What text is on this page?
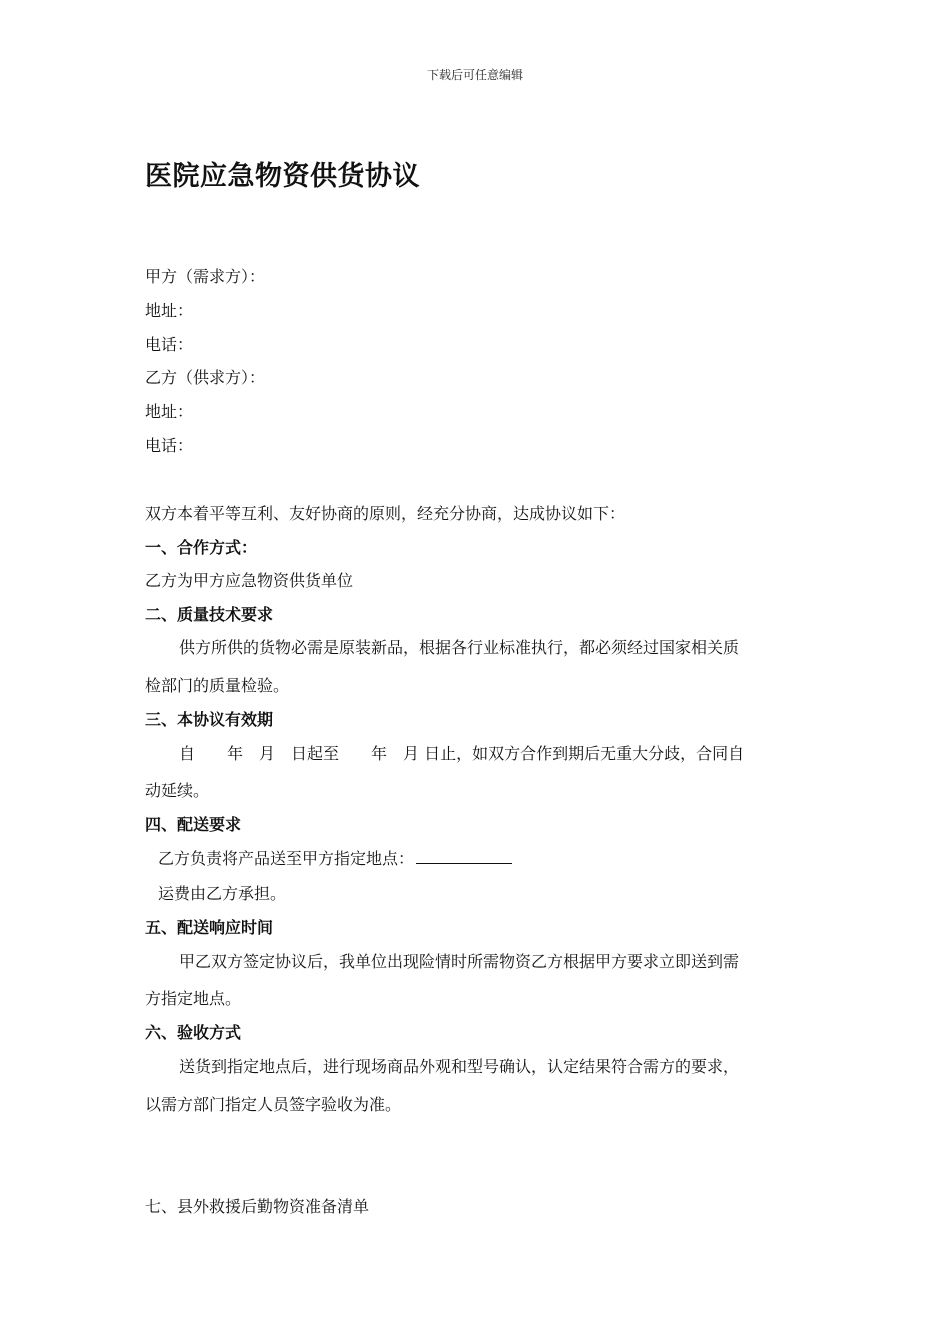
下载后可任意编辑
医院应急物资供货协议
甲方（需求方）：
地址：
电话：
乙方（供求方）：
地址：
电话：
双方本着平等互利、友好协商的原则，经充分协商，达成协议如下：
一、合作方式：
乙方为甲方应急物资供货单位
二、质量技术要求
供方所供的货物必需是原装新品，根据各行业标准执行，都必须经过国家相关质
检部门的质量检验。
三、本协议有效期
自　　年　月　日起至　　年　月 日止，如双方合作到期后无重大分歧，合同自
动延续。
四、配送要求
乙方负责将产品送至甲方指定地点：
运费由乙方承担。
五、配送响应时间
甲乙双方签定协议后，我单位出现险情时所需物资乙方根据甲方要求立即送到需
方指定地点。
六、验收方式
送货到指定地点后，进行现场商品外观和型号确认，认定结果符合需方的要求，
以需方部门指定人员签字验收为准。
七、县外救援后勤物资准备清单
